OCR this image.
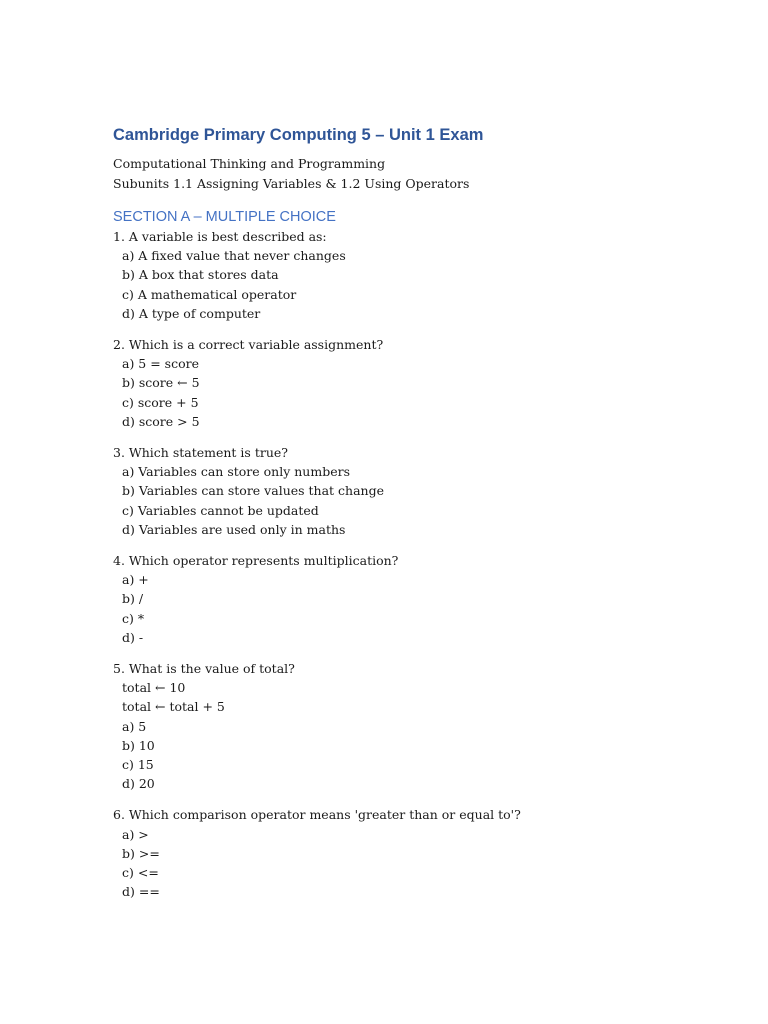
Cambridge Primary Computing 5 – Unit 1 Exam

Computational Thinking and Programming

Subunits 1.1 Assigning Variables & 1.2 Using Operators

SECTION A – MULTIPLE CHOICE
1. A variable is best described as:
a) A fixed value that never changes
b) A box that stores data
c) A mathematical operator
d) A type of computer
2. Which is a correct variable assignment?
a) 5 = score
b) score ← 5
c) score + 5
d) score > 5
3. Which statement is true?
a) Variables can store only numbers
b) Variables can store values that change
c) Variables cannot be updated
d) Variables are used only in maths
4. Which operator represents multiplication?
a) +
b) /
c) *
d) -
5. What is the value of total?
total ← 10
total ← total + 5
a) 5
b) 10
c) 15
d) 20
6. Which comparison operator means 'greater than or equal to'?
a) >
b) >=
c) <=
d) ==
